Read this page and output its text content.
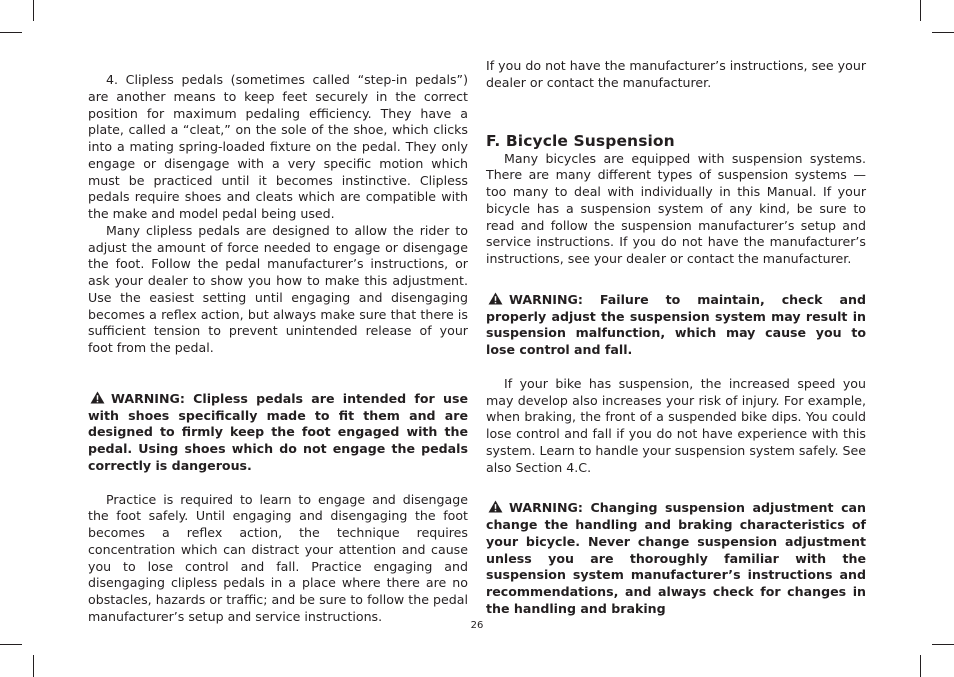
4. Clipless pedals (sometimes called “step-in pedals”) are another means to keep feet securely in the correct position for maximum pedaling efficiency. They have a plate, called a “cleat,” on the sole of the shoe, which clicks into a mating spring-loaded fixture on the pedal. They only engage or disengage with a very specific motion which must be practiced until it becomes instinctive. Clipless pedals require shoes and cleats which are compatible with the make and model pedal being used.

Many clipless pedals are designed to allow the rider to adjust the amount of force needed to engage or disengage the foot. Follow the pedal manufacturer’s instructions, or ask your dealer to show you how to make this adjustment. Use the easiest setting until engaging and disengaging becomes a reflex action, but always make sure that there is sufficient tension to prevent unintended release of your foot from the pedal.

WARNING: Clipless pedals are intended for use with shoes specifically made to fit them and are designed to firmly keep the foot engaged with the pedal. Using shoes which do not engage the pedals correctly is dangerous.

Practice is required to learn to engage and disengage the foot safely. Until engaging and disengaging the foot becomes a reflex action, the technique requires concentration which can distract your attention and cause you to lose control and fall. Practice engaging and disengaging clipless pedals in a place where there are no obstacles, hazards or traffic; and be sure to follow the pedal manufacturer’s setup and service instructions.

If you do not have the manufacturer’s instructions, see your dealer or contact the manufacturer.

F. Bicycle Suspension

Many bicycles are equipped with suspension systems. There are many different types of suspension systems — too many to deal with individually in this Manual. If your bicycle has a suspension system of any kind, be sure to read and follow the suspension manufacturer’s setup and service instructions. If you do not have the manufacturer’s instructions, see your dealer or contact the manufacturer.

WARNING: Failure to maintain, check and properly adjust the suspension system may result in suspension malfunction, which may cause you to lose control and fall.

If your bike has suspension, the increased speed you may develop also increases your risk of injury. For example, when braking, the front of a suspended bike dips. You could lose control and fall if you do not have experience with this system. Learn to handle your suspension system safely. See also Section 4.C.

WARNING: Changing suspension adjustment can change the handling and braking characteristics of your bicycle. Never change suspension adjustment unless you are thoroughly familiar with the suspension system manufacturer’s instructions and recommendations, and always check for changes in the handling and braking

26
